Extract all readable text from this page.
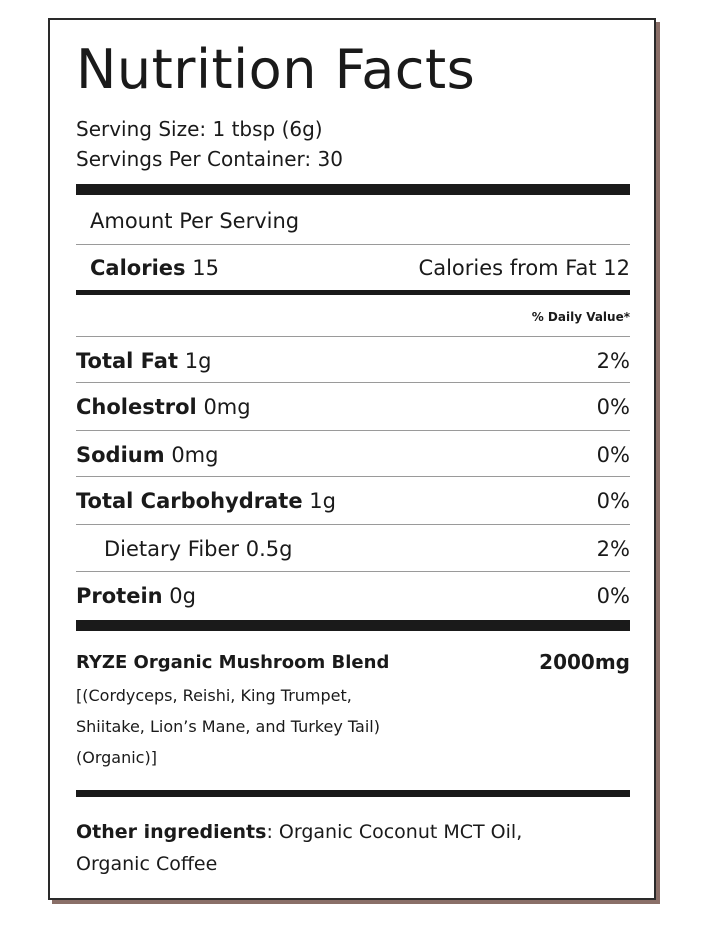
Nutrition Facts
Serving Size: 1 tbsp (6g)
Servings Per Container: 30
Amount Per Serving
Calories 15	Calories from Fat 12
% Daily Value*
Total Fat 1g	2%
Cholestrol 0mg	0%
Sodium 0mg	0%
Total Carbohydrate 1g	0%
Dietary Fiber 0.5g	2%
Protein 0g	0%
RYZE Organic Mushroom Blend	2000mg
[(Cordyceps, Reishi, King Trumpet,
Shiitake, Lion’s Mane, and Turkey Tail)
(Organic)]
Other ingredients: Organic Coconut MCT Oil,
Organic Coffee
